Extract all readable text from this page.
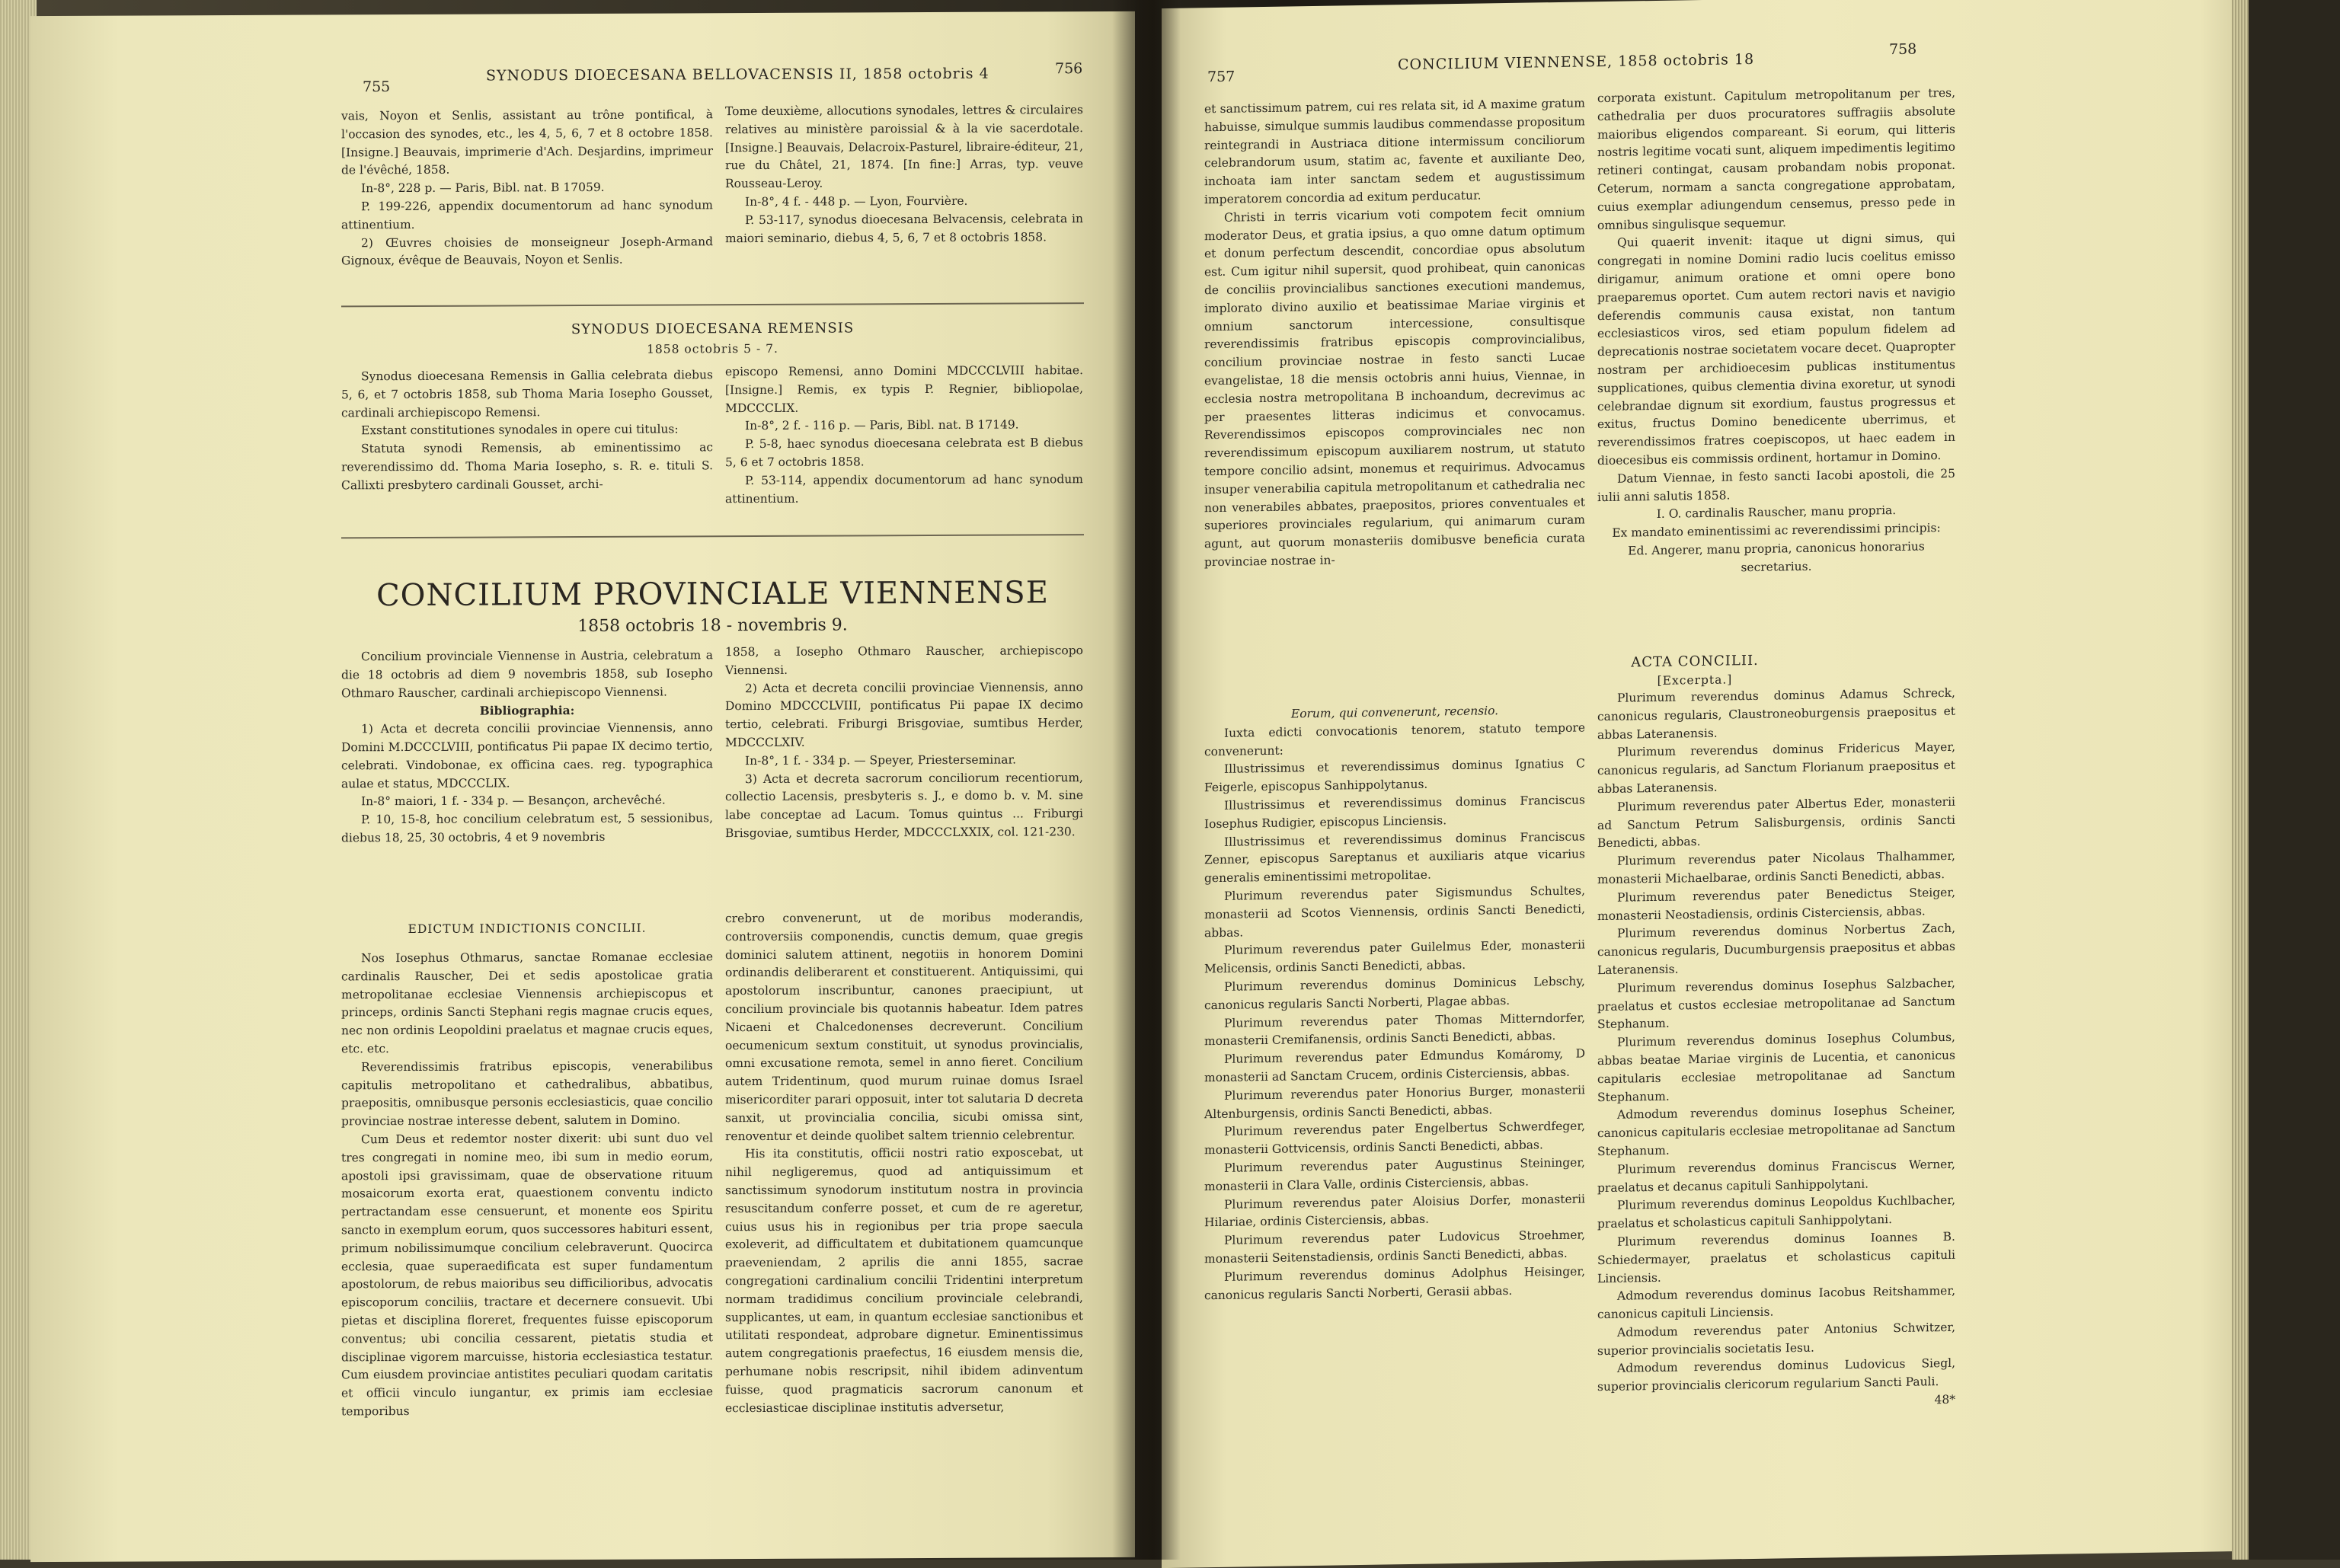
755
SYNODUS DIOECESANA BELLOVACENSIS II, 1858 octobris 4	756

vais, Noyon et Senlis, assistant au trône pontifical, à l'occasion des synodes, etc., les 4, 5, 6, 7 et 8 octobre 1858. [Insigne.] Beauvais, imprimerie d'Ach. Desjardins, imprimeur de l'évêché, 1858.

In-8°, 228 p. — Paris, Bibl. nat. B 17059.

P. 199-226, appendix documentorum ad hanc synodum attinentium.

2) Œuvres choisies de monseigneur Joseph-Armand Gignoux, évêque de Beauvais, Noyon et Senlis.

Tome deuxième, allocutions synodales, lettres & circulaires relatives au ministère paroissial & à la vie sacerdotale. [Insigne.] Beauvais, Delacroix-Pasturel, libraire-éditeur, 21, rue du Châtel, 21, 1874. [In fine:] Arras, typ. veuve Rousseau-Leroy.

In-8°, 4 f. - 448 p. — Lyon, Fourvière.

P. 53-117, synodus dioecesana Belvacensis, celebrata in maiori seminario, diebus 4, 5, 6, 7 et 8 octobris 1858.

SYNODUS DIOECESANA REMENSIS
1858 octobris 5 - 7.

Synodus dioecesana Remensis in Gallia celebrata diebus 5, 6, et 7 octobris 1858, sub Thoma Maria Iosepho Gousset, cardinali archiepiscopo Remensi.

Exstant constitutiones synodales in opere cui titulus:

Statuta synodi Remensis, ab eminentissimo ac reverendissimo dd. Thoma Maria Iosepho, s. R. e. tituli S. Callixti presbytero cardinali Gousset, archi-

episcopo Remensi, anno Domini MDCCCLVIII habitae. [Insigne.] Remis, ex typis P. Regnier, bibliopolae, MDCCCLIX.

In-8°, 2 f. - 116 p. — Paris, Bibl. nat. B 17149.

P. 5-8, haec synodus dioecesana celebrata est B diebus 5, 6 et 7 octobris 1858.

P. 53-114, appendix documentorum ad hanc synodum attinentium.

CONCILIUM PROVINCIALE VIENNENSE
1858 octobris 18 - novembris 9.

Concilium provinciale Viennense in Austria, celebratum a die 18 octobris ad diem 9 novembris 1858, sub Iosepho Othmaro Rauscher, cardinali archiepiscopo Viennensi.

Bibliographia:

1) Acta et decreta concilii provinciae Viennensis, anno Domini M.DCCCLVIII, pontificatus Pii papae IX decimo tertio, celebrati. Vindobonae, ex officina caes. reg. typographica aulae et status, MDCCCLIX.

In-8° maiori, 1 f. - 334 p. — Besançon, archevêché.

P. 10, 15-8, hoc concilium celebratum est, 5 sessionibus, diebus 18, 25, 30 octobris, 4 et 9 novembris

1858, a Iosepho Othmaro Rauscher, archiepiscopo Viennensi.

2) Acta et decreta concilii provinciae Viennensis, anno Domino MDCCCLVIII, pontificatus Pii papae IX decimo tertio, celebrati. Friburgi Brisgoviae, sumtibus Herder, MDCCCLXIV.

In-8°, 1 f. - 334 p. — Speyer, Priesterseminar.

3) Acta et decreta sacrorum conciliorum recentiorum, collectio Lacensis, presbyteris s. J., e domo b. v. M. sine labe conceptae ad Lacum. Tomus quintus ... Friburgi Brisgoviae, sumtibus Herder, MDCCCLXXIX, col. 121-230.

EDICTUM INDICTIONIS CONCILII.

Nos Iosephus Othmarus, sanctae Romanae ecclesiae cardinalis Rauscher, Dei et sedis apostolicae gratia metropolitanae ecclesiae Viennensis archiepiscopus et princeps, ordinis Sancti Stephani regis magnae crucis eques, nec non ordinis Leopoldini praelatus et magnae crucis eques, etc. etc.

Reverendissimis fratribus episcopis, venerabilibus capitulis metropolitano et cathedralibus, abbatibus, praepositis, omnibusque personis ecclesiasticis, quae concilio provinciae nostrae interesse debent, salutem in Domino.

Cum Deus et redemtor noster dixerit: ubi sunt duo vel tres congregati in nomine meo, ibi sum in medio eorum, apostoli ipsi gravissimam, quae de observatione rituum mosaicorum exorta erat, quaestionem conventu indicto pertractandam esse censuerunt, et monente eos Spiritu sancto in exemplum eorum, quos successores habituri essent, primum nobilissimumque concilium celebraverunt. Quocirca ecclesia, quae superaedificata est super fundamentum apostolorum, de rebus maioribus seu difficilioribus, advocatis episcoporum conciliis, tractare et decernere consuevit. Ubi pietas et disciplina floreret, frequentes fuisse episcoporum conventus; ubi concilia cessarent, pietatis studia et disciplinae vigorem marcuisse, historia ecclesiastica testatur. Cum eiusdem provinciae antistites peculiari quodam caritatis et officii vinculo iungantur, ex primis iam ecclesiae temporibus

crebro convenerunt, ut de moribus moderandis, controversiis componendis, cunctis demum, quae gregis dominici salutem attinent, negotiis in honorem Domini ordinandis deliberarent et constituerent. Antiquissimi, qui apostolorum inscribuntur, canones praecipiunt, ut concilium provinciale bis quotannis habeatur. Idem patres Nicaeni et Chalcedonenses decreverunt. Concilium oecumenicum sextum constituit, ut synodus provincialis, omni excusatione remota, semel in anno fieret. Concilium autem Tridentinum, quod murum ruinae domus Israel misericorditer parari opposuit, inter tot salutaria D decreta sanxit, ut provincialia concilia, sicubi omissa sint, renoventur et deinde quolibet saltem triennio celebrentur.

His ita constitutis, officii nostri ratio exposcebat, ut nihil negligeremus, quod ad antiquissimum et sanctissimum synodorum institutum nostra in provincia resuscitandum conferre posset, et cum de re ageretur, cuius usus his in regionibus per tria prope saecula exoleverit, ad difficultatem et dubitationem quamcunque praeveniendam, 2 aprilis die anni 1855, sacrae congregationi cardinalium concilii Tridentini interpretum normam tradidimus concilium provinciale celebrandi, supplicantes, ut eam, in quantum ecclesiae sanctionibus et utilitati respondeat, adprobare dignetur. Eminentissimus autem congregationis praefectus, 16 eiusdem mensis die, perhumane nobis rescripsit, nihil ibidem adinventum fuisse, quod pragmaticis sacrorum canonum et ecclesiasticae disciplinae institutis adversetur,

757
CONCILIUM VIENNENSE, 1858 octobris 18
758

et sanctissimum patrem, cui res relata sit, id A maxime gratum habuisse, simulque summis laudibus commendasse propositum reintegrandi in Austriaca ditione intermissum conciliorum celebrandorum usum, statim ac, favente et auxiliante Deo, inchoata iam inter sanctam sedem et augustissimum imperatorem concordia ad exitum perducatur.

Christi in terris vicarium voti compotem fecit omnium moderator Deus, et gratia ipsius, a quo omne datum optimum et donum perfectum descendit, concordiae opus absolutum est. Cum igitur nihil supersit, quod prohibeat, quin canonicas de conciliis provincialibus sanctiones executioni mandemus, implorato divino auxilio et beatissimae Mariae virginis et omnium sanctorum intercessione, consultisque reverendissimis fratribus episcopis comprovincialibus, concilium provinciae nostrae in festo sancti Lucae evangelistae, 18 die mensis octobris anni huius, Viennae, in ecclesia nostra metropolitana B inchoandum, decrevimus ac per praesentes litteras indicimus et convocamus. Reverendissimos episcopos comprovinciales nec non reverendissimum episcopum auxiliarem nostrum, ut statuto tempore concilio adsint, monemus et requirimus. Advocamus insuper venerabilia capitula metropolitanum et cathedralia nec non venerabiles abbates, praepositos, priores conventuales et superiores provinciales regularium, qui animarum curam agunt, aut quorum monasteriis domibusve beneficia curata provinciae nostrae in-

corporata existunt. Capitulum metropolitanum per tres, cathedralia per duos procuratores suffragiis absolute maioribus eligendos compareant. Si eorum, qui litteris nostris legitime vocati sunt, aliquem impedimentis legitimo retineri contingat, causam probandam nobis proponat. Ceterum, normam a sancta congregatione approbatam, cuius exemplar adiungendum censemus, presso pede in omnibus singulisque sequemur.

Qui quaerit invenit: itaque ut digni simus, qui congregati in nomine Domini radio lucis coelitus emisso dirigamur, animum oratione et omni opere bono praeparemus oportet. Cum autem rectori navis et navigio deferendis communis causa existat, non tantum ecclesiasticos viros, sed etiam populum fidelem ad deprecationis nostrae societatem vocare decet. Quapropter nostram per archidioecesim publicas institumentus supplicationes, quibus clementia divina exoretur, ut synodi celebrandae dignum sit exordium, faustus progressus et exitus, fructus Domino benedicente uberrimus, et reverendissimos fratres coepiscopos, ut haec eadem in dioecesibus eis commissis ordinent, hortamur in Domino.

Datum Viennae, in festo sancti Iacobi apostoli, die 25 iulii anni salutis 1858.

I. O. cardinalis Rauscher, manu propria.

Ex mandato eminentissimi ac reverendissimi principis:

Ed. Angerer, manu propria, canonicus honorarius secretarius.

ACTA CONCILII.
[Excerpta.]

Eorum, qui convenerunt, recensio.

Iuxta edicti convocationis tenorem, statuto tempore convenerunt:

Illustrissimus et reverendissimus dominus Ignatius C Feigerle, episcopus Sanhippolytanus.

Illustrissimus et reverendissimus dominus Franciscus Iosephus Rudigier, episcopus Linciensis.

Illustrissimus et reverendissimus dominus Franciscus Zenner, episcopus Sareptanus et auxiliaris atque vicarius generalis eminentissimi metropolitae.

Plurimum reverendus pater Sigismundus Schultes, monasterii ad Scotos Viennensis, ordinis Sancti Benedicti, abbas.

Plurimum reverendus pater Guilelmus Eder, monasterii Melicensis, ordinis Sancti Benedicti, abbas.

Plurimum reverendus dominus Dominicus Lebschy, canonicus regularis Sancti Norberti, Plagae abbas.

Plurimum reverendus pater Thomas Mitterndorfer, monasterii Cremifanensis, ordinis Sancti Benedicti, abbas.

Plurimum reverendus pater Edmundus Komáromy, D monasterii ad Sanctam Crucem, ordinis Cisterciensis, abbas.

Plurimum reverendus pater Honorius Burger, monasterii Altenburgensis, ordinis Sancti Benedicti, abbas.

Plurimum reverendus pater Engelbertus Schwerdfeger, monasterii Gottvicensis, ordinis Sancti Benedicti, abbas.

Plurimum reverendus pater Augustinus Steininger, monasterii in Clara Valle, ordinis Cisterciensis, abbas.

Plurimum reverendus pater Aloisius Dorfer, monasterii Hilariae, ordinis Cisterciensis, abbas.

Plurimum reverendus pater Ludovicus Stroehmer, monasterii Seitenstadiensis, ordinis Sancti Benedicti, abbas.

Plurimum reverendus dominus Adolphus Heisinger, canonicus regularis Sancti Norberti, Gerasii abbas.

Plurimum reverendus dominus Adamus Schreck, canonicus regularis, Claustroneoburgensis praepositus et abbas Lateranensis.

Plurimum reverendus dominus Fridericus Mayer, canonicus regularis, ad Sanctum Florianum praepositus et abbas Lateranensis.

Plurimum reverendus pater Albertus Eder, monasterii ad Sanctum Petrum Salisburgensis, ordinis Sancti Benedicti, abbas.

Plurimum reverendus pater Nicolaus Thalhammer, monasterii Michaelbarae, ordinis Sancti Benedicti, abbas.

Plurimum reverendus pater Benedictus Steiger, monasterii Neostadiensis, ordinis Cisterciensis, abbas.

Plurimum reverendus dominus Norbertus Zach, canonicus regularis, Ducumburgensis praepositus et abbas Lateranensis.

Plurimum reverendus dominus Iosephus Salzbacher, praelatus et custos ecclesiae metropolitanae ad Sanctum Stephanum.

Plurimum reverendus dominus Iosephus Columbus, abbas beatae Mariae virginis de Lucentia, et canonicus capitularis ecclesiae metropolitanae ad Sanctum Stephanum.

Admodum reverendus dominus Iosephus Scheiner, canonicus capitularis ecclesiae metropolitanae ad Sanctum Stephanum.

Plurimum reverendus dominus Franciscus Werner, praelatus et decanus capituli Sanhippolytani.

Plurimum reverendus dominus Leopoldus Kuchlbacher, praelatus et scholasticus capituli Sanhippolytani.

Plurimum reverendus dominus Ioannes B. Schiedermayer, praelatus et scholasticus capituli Linciensis.

Admodum reverendus dominus Iacobus Reitshammer, canonicus capituli Linciensis.

Admodum reverendus pater Antonius Schwitzer, superior provincialis societatis Iesu.

Admodum reverendus dominus Ludovicus Siegl, superior provincialis clericorum regularium Sancti Pauli.

48*
